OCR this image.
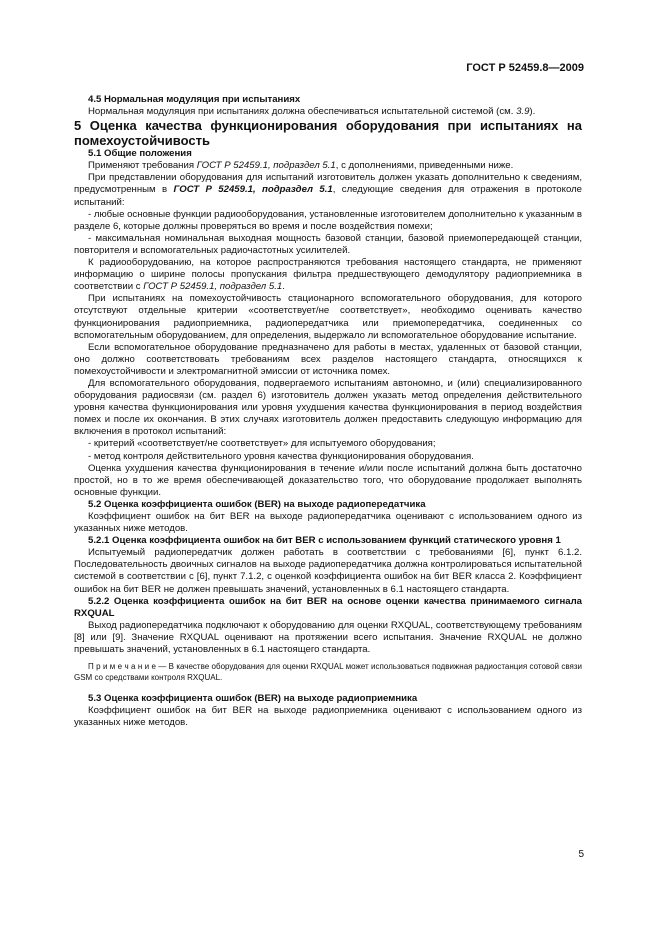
ГОСТ Р 52459.8—2009

4.5 Нормальная модуляция при испытаниях

Нормальная модуляция при испытаниях должна обеспечиваться испытательной системой (см. 3.9).

5 Оценка качества функционирования оборудования при испытаниях на помехоустойчивость

5.1 Общие положения

Применяют требования ГОСТ Р 52459.1, подраздел 5.1, с дополнениями, приведенными ниже.

При представлении оборудования для испытаний изготовитель должен указать дополнительно к сведениям, предусмотренным в ГОСТ Р 52459.1, подраздел 5.1, следующие сведения для отражения в протоколе испытаний:

- любые основные функции радиооборудования, установленные изготовителем дополнительно к указанным в разделе 6, которые должны проверяться во время и после воздействия помехи;

- максимальная номинальная выходная мощность базовой станции, базовой приемопередающей станции, повторителя и вспомогательных радиочастотных усилителей.

К радиооборудованию, на которое распространяются требования настоящего стандарта, не применяют информацию о ширине полосы пропускания фильтра предшествующего демодулятору радиоприемника в соответствии с ГОСТ Р 52459.1, подраздел 5.1.

При испытаниях на помехоустойчивость стационарного вспомогательного оборудования, для которого отсутствуют отдельные критерии «соответствует/не соответствует», необходимо оценивать качество функционирования радиоприемника, радиопередатчика или приемопередатчика, соединенных со вспомогательным оборудованием, для определения, выдержало ли вспомогательное оборудование испытание.

Если вспомогательное оборудование предназначено для работы в местах, удаленных от базовой станции, оно должно соответствовать требованиям всех разделов настоящего стандарта, относящихся к помехоустойчивости и электромагнитной эмиссии от источника помех.

Для вспомогательного оборудования, подвергаемого испытаниям автономно, и (или) специализированного оборудования радиосвязи (см. раздел 6) изготовитель должен указать метод определения действительного уровня качества функционирования или уровня ухудшения качества функционирования в период воздействия помех и после их окончания. В этих случаях изготовитель должен предоставить следующую информацию для включения в протокол испытаний:

- критерий «соответствует/не соответствует» для испытуемого оборудования;

- метод контроля действительного уровня качества функционирования оборудования.

Оценка ухудшения качества функционирования в течение и/или после испытаний должна быть достаточно простой, но в то же время обеспечивающей доказательство того, что оборудование продолжает выполнять основные функции.

5.2 Оценка коэффициента ошибок (BER) на выходе радиопередатчика

Коэффициент ошибок на бит BER на выходе радиопередатчика оценивают с использованием одного из указанных ниже методов.

5.2.1 Оценка коэффициента ошибок на бит BER с использованием функций статического уровня 1

Испытуемый радиопередатчик должен работать в соответствии с требованиями [6], пункт 6.1.2. Последовательность двоичных сигналов на выходе радиопередатчика должна контролироваться испытательной системой в соответствии с [6], пункт 7.1.2, с оценкой коэффициента ошибок на бит BER класса 2. Коэффициент ошибок на бит BER не должен превышать значений, установленных в 6.1 настоящего стандарта.

5.2.2 Оценка коэффициента ошибок на бит BER на основе оценки качества принимаемого сигнала RXQUAL

Выход радиопередатчика подключают к оборудованию для оценки RXQUAL, соответствующему требованиям [8] или [9]. Значение RXQUAL оценивают на протяжении всего испытания. Значение RXQUAL не должно превышать значений, установленных в 6.1 настоящего стандарта.

П р и м е ч а н и е — В качестве оборудования для оценки RXQUAL может использоваться подвижная радиостанция сотовой связи GSM со средствами контроля RXQUAL.

5.3 Оценка коэффициента ошибок (BER) на выходе радиоприемника

Коэффициент ошибок на бит BER на выходе радиоприемника оценивают с использованием одного из указанных ниже методов.

5
